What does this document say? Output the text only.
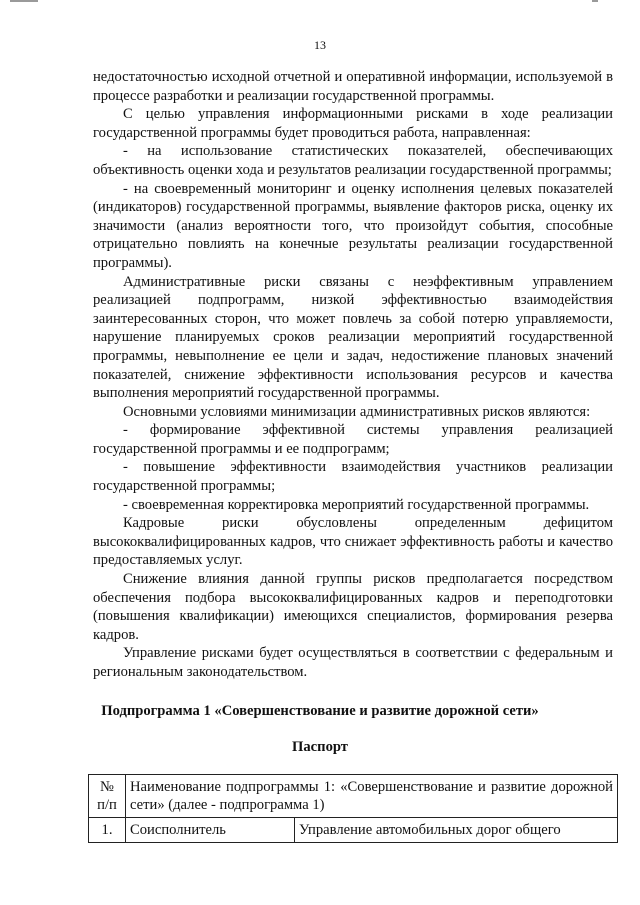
13

недостаточностью исходной отчетной и оперативной информации, используемой в процессе разработки и реализации государственной программы.

С целью управления информационными рисками в ходе реализации государственной программы будет проводиться работа, направленная:

- на использование статистических показателей, обеспечивающих объективность оценки хода и результатов реализации государственной программы;

- на своевременный мониторинг и оценку исполнения целевых показателей (индикаторов) государственной программы, выявление факторов риска, оценку их значимости (анализ вероятности того, что произойдут события, способные отрицательно повлиять на конечные результаты реализации государственной программы).

Административные риски связаны с неэффективным управлением реализацией подпрограмм, низкой эффективностью взаимодействия заинтересованных сторон, что может повлечь за собой потерю управляемости, нарушение планируемых сроков реализации мероприятий государственной программы, невыполнение ее цели и задач, недостижение плановых значений показателей, снижение эффективности использования ресурсов и качества выполнения мероприятий государственной программы.

Основными условиями минимизации административных рисков являются:

- формирование эффективной системы управления реализацией государственной программы и ее подпрограмм;

- повышение эффективности взаимодействия участников реализации государственной программы;

- своевременная корректировка мероприятий государственной программы.

Кадровые риски обусловлены определенным дефицитом высококвалифицированных кадров, что снижает эффективность работы и качество предоставляемых услуг.

Снижение влияния данной группы рисков предполагается посредством обеспечения подбора высококвалифицированных кадров и переподготовки (повышения квалификации) имеющихся специалистов, формирования резерва кадров.

Управление рисками будет осуществляться в соответствии с федеральным и региональным законодательством.

Подпрограмма 1 «Совершенствование и развитие дорожной сети»
Паспорт
№ п/п	Наименование подпрограммы 1: «Совершенствование и развитие дорожной сети» (далее - подпрограмма 1)	
1.	Соисполнитель	Управление автомобильных дорог общего
